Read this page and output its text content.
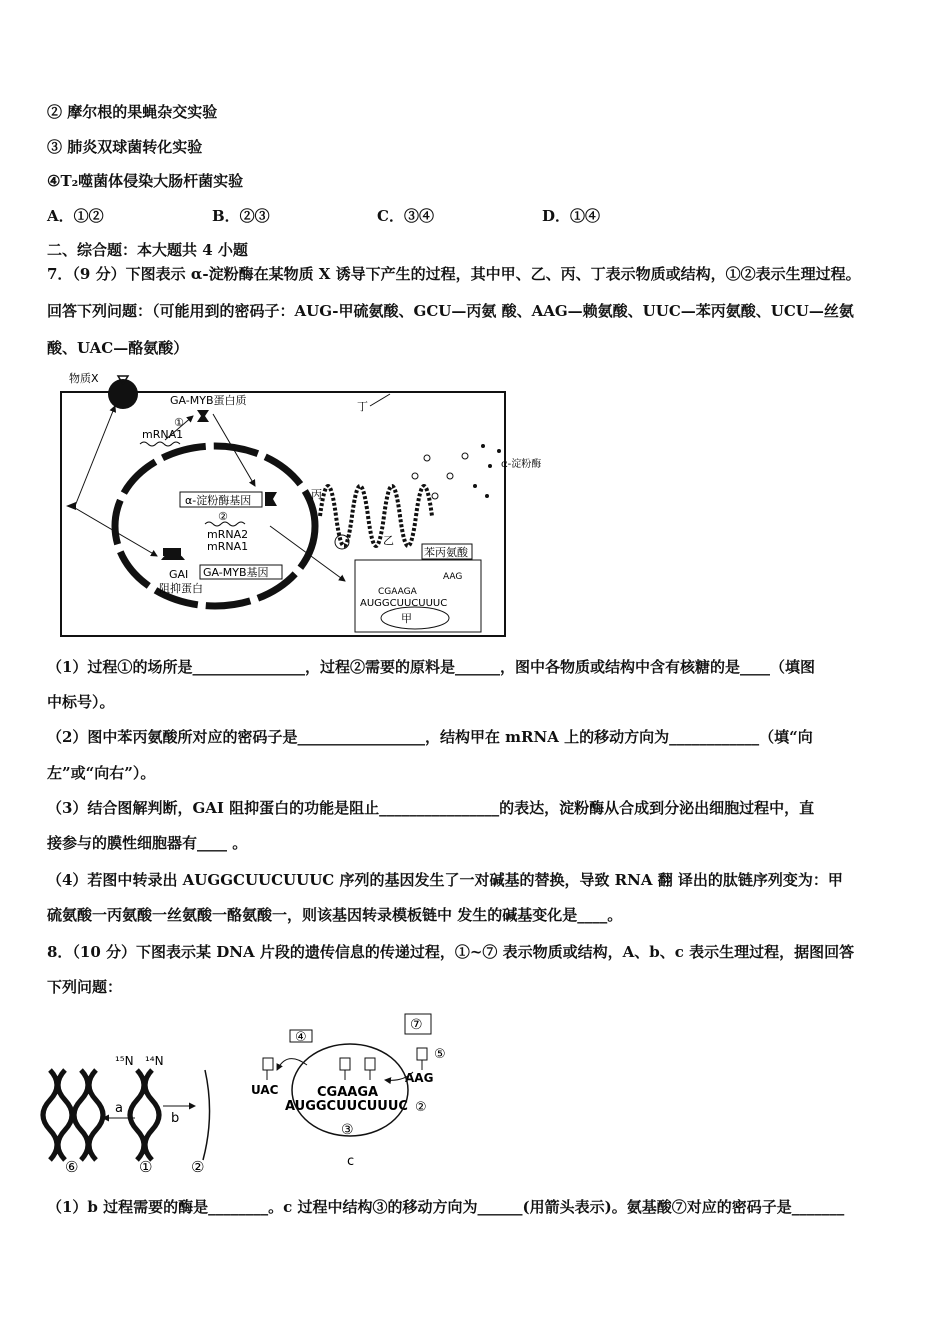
② 摩尔根的果蝇杂交实验
③ 肺炎双球菌转化实验
④T₂噬菌体侵染大肠杆菌实验
A．①②	B．②③	C．③④	D．①④
二、综合题：本大题共 4 小题
7．（9 分）下图表示 α-淀粉酶在某物质 X 诱导下产生的过程，其中甲、乙、丙、丁表示物质或结构，①②表示生理过程。
回答下列问题：（可能用到的密码子：AUG-甲硫氨酸、GCU—丙氨 酸、AAG—赖氨酸、UUC—苯丙氨酸、UCU—丝氨
酸、UAC—酪氨酸）
物质X
GA-MYB蛋白质
①
mRNA1
α-淀粉酶基因
②
mRNA2
mRNA1
GAI
阻抑蛋白
GA-MYB基因
丁
丙
乙
α-淀粉酶
苯丙氨酸
AAG
CGAAGA
AUGGCUUCUUUC
甲
（1）过程①的场所是_______________，过程②需要的原料是______，图中各物质或结构中含有核糖的是____（填图
中标号）。
（2）图中苯丙氨酸所对应的密码子是_________________，结构甲在 mRNA 上的移动方向为____________（填“向
左”或“向右”）。
（3）结合图解判断，GAI 阻抑蛋白的功能是阻止________________的表达，淀粉酶从合成到分泌出细胞过程中，直
接参与的膜性细胞器有____ 。
（4）若图中转录出 AUGGCUUCUUUC 序列的基因发生了一对碱基的替换，导致 RNA 翻 译出的肽链序列变为：甲
硫氨酸一丙氨酸一丝氨酸一酪氨酸一，则该基因转录模板链中 发生的碱基变化是____。
8．（10 分）下图表示某 DNA 片段的遗传信息的传递过程，①~⑦ 表示物质或结构，A、b、c 表示生理过程，据图回答
下列问题：
⑥
a
¹⁵N ¹⁴N
①
b
②
④
⑦
⑤
UAC
AAG
CGAAGA
AUGGCUUCUUUC ②
③
c
（1）b 过程需要的酶是________。c 过程中结构③的移动方向为______(用箭头表示)。氨基酸⑦对应的密码子是_______
